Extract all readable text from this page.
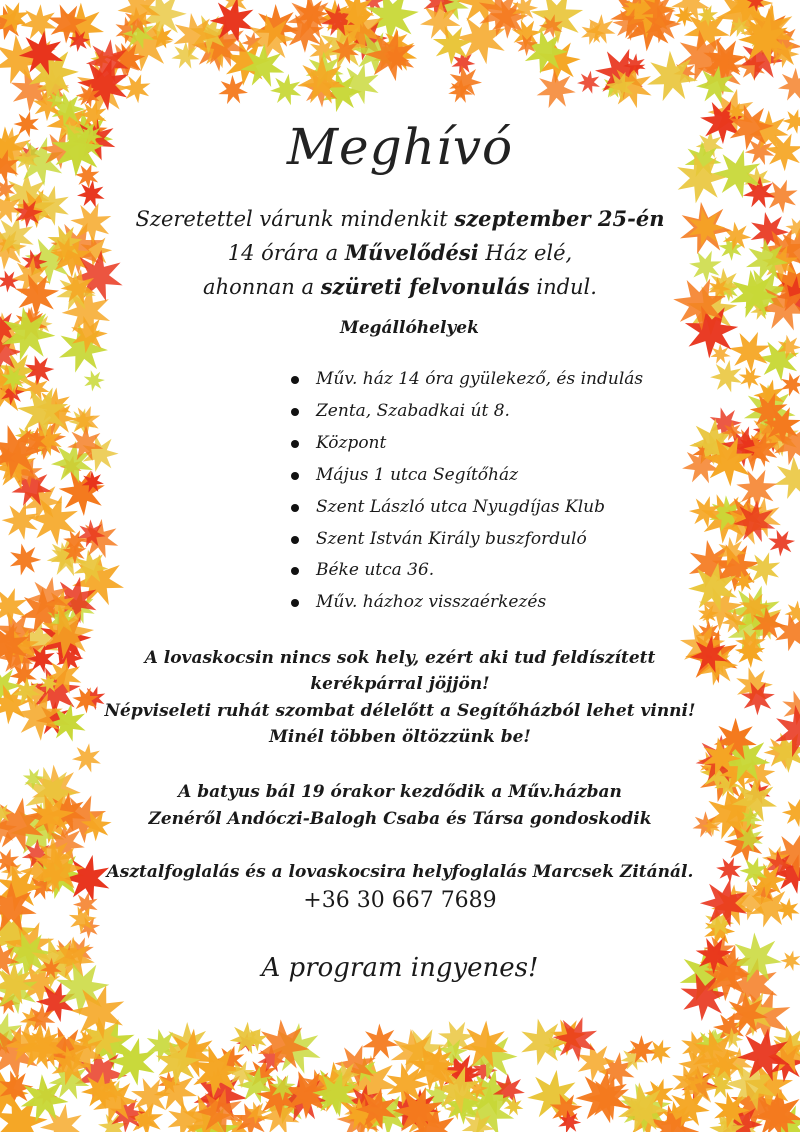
Meghívó
Szeretettel várunk mindenkit szeptember 25-én
14 órára a Művelődési Ház elé,
ahonnan a szüreti felvonulás indul.
Megállóhelyek
Műv. ház 14 óra gyülekező, és indulás
Zenta, Szabadkai út 8.
Központ
Május 1 utca Segítőház
Szent László utca Nyugdíjas Klub
Szent István Király buszforduló
Béke utca 36.
Műv. házhoz visszaérkezés
A lovaskocsin nincs sok hely, ezért aki tud feldíszített
kerékpárral jöjjön!
Népviseleti ruhát szombat délelőtt a Segítőházból lehet vinni!
Minél többen öltözzünk be!
A batyus bál 19 órakor kezdődik a Műv.házban
Zenéről Andóczi-Balogh Csaba és Társa gondoskodik
Asztalfoglalás és a lovaskocsira helyfoglalás Marcsek Zitánál.
+36 30 667 7689
A program ingyenes!
